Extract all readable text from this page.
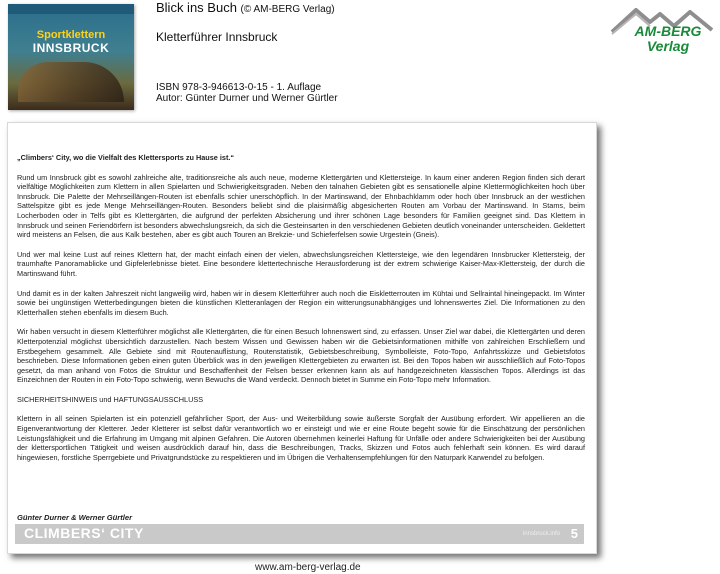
Sportklettern
INNSBRUCK
Blick ins Buch (© AM-BERG Verlag)
Kletterführer Innsbruck
ISBN 978-3-946613-0-15 - 1. Auflage
Autor: Günter Durner und Werner Gürtler
AM-BERG
Verlag

„Climbers‘ City, wo die Vielfalt des Klettersports zu Hause ist.“

Rund um Innsbruck gibt es sowohl zahlreiche alte, traditionsreiche als auch neue, moderne Klettergärten und Klettersteige. In kaum einer anderen Region finden sich derart vielfältige Möglichkeiten zum Klettern in allen Spielarten und Schwierigkeitsgraden. Neben den talnahen Gebieten gibt es sensationelle alpine Klettermöglichkeiten hoch über Innsbruck. Die Palette der Mehrseillängen-Routen ist ebenfalls schier unerschöpflich. In der Martinswand, der Ehnbachklamm oder hoch über Innsbruck an der westlichen Sattelspitze gibt es jede Menge Mehrseillängen-Routen. Besonders beliebt sind die plaisirmäßig abgesicherten Routen am Vorbau der Martinswand. In Stams, beim Locherboden oder in Telfs gibt es Klettergärten, die aufgrund der perfekten Absicherung und ihrer schönen Lage besonders für Familien geeignet sind. Das Klettern in Innsbruck und seinen Feriendörfern ist besonders abwechslungsreich, da sich die Gesteinsarten in den verschiedenen Gebieten deutlich voneinander unterscheiden. Geklettert wird meistens an Felsen, die aus Kalk bestehen, aber es gibt auch Touren an Brekzie- und Schieferfelsen sowie Urgestein (Gneis).

Und wer mal keine Lust auf reines Klettern hat, der macht einfach einen der vielen, abwechslungsreichen Klettersteige, wie den legendären Innsbrucker Klettersteig, der traumhafte Panoramablicke und Gipfelerlebnisse bietet. Eine besondere klettertechnische Herausforderung ist der extrem schwierige Kaiser-Max-Klettersteig, der durch die Martinswand führt.

Und damit es in der kalten Jahreszeit nicht langweilig wird, haben wir in diesem Kletterführer auch noch die Eiskletterrouten im Kühtai und Sellraintal hineingepackt. Im Winter sowie bei ungünstigen Wetterbedingungen bieten die künstlichen Kletteranlagen der Region ein witterungsunabhängiges und lohnenswertes Ziel. Die Informationen zu den Kletterhallen stehen ebenfalls im diesem Buch.

Wir haben versucht in diesem Kletterführer möglichst alle Klettergärten, die für einen Besuch lohnenswert sind, zu erfassen. Unser Ziel war dabei, die Klettergärten und deren Kletterpotenzial möglichst übersichtlich darzustellen. Nach bestem Wissen und Gewissen haben wir die Gebietsinformationen mithilfe von zahlreichen Erschließern und Erstbegehern gesammelt. Alle Gebiete sind mit Routenauflistung, Routenstatistik, Gebietsbeschreibung, Symbolleiste, Foto-Topo, Anfahrtsskizze und Gebietsfotos beschrieben. Diese Informationen geben einen guten Überblick was in den jeweiligen Klettergebieten zu erwarten ist. Bei den Topos haben wir ausschließlich auf Foto-Topos gesetzt, da man anhand von Fotos die Struktur und Beschaffenheit der Felsen besser erkennen kann als auf handgezeichneten klassischen Topos. Allerdings ist das Einzeichnen der Routen in ein Foto-Topo schwierig, wenn Bewuchs die Wand verdeckt. Dennoch bietet in Summe ein Foto-Topo mehr Information.

SICHERHEITSHINWEIS und HAFTUNGSAUSSCHLUSS

Klettern in all seinen Spielarten ist ein potenziell gefährlicher Sport, der Aus- und Weiterbildung sowie äußerste Sorgfalt der Ausübung erfordert. Wir appellieren an die Eigenverantwortung der Kletterer. Jeder Kletterer ist selbst dafür verantwortlich wo er einsteigt und wie er eine Route begeht sowie für die Einschätzung der persönlichen Leistungsfähigkeit und die Erfahrung im Umgang mit alpinen Gefahren. Die Autoren übernehmen keinerlei Haftung für Unfälle oder andere Schwierigkeiten bei der Ausübung der klettersportlichen Tätigkeit und weisen ausdrücklich darauf hin, dass die Beschreibungen, Tracks, Skizzen und Fotos auch fehlerhaft sein können. Es wird darauf hingewiesen, forstliche Sperrgebiete und Privatgrundstücke zu respektieren und im Übrigen die Verhaltensempfehlungen für den Naturpark Karwendel zu befolgen.

Günter Durner & Werner Gürtler
CLIMBERS‘ CITY	innsbruck.info 5
www.am-berg-verlag.de
